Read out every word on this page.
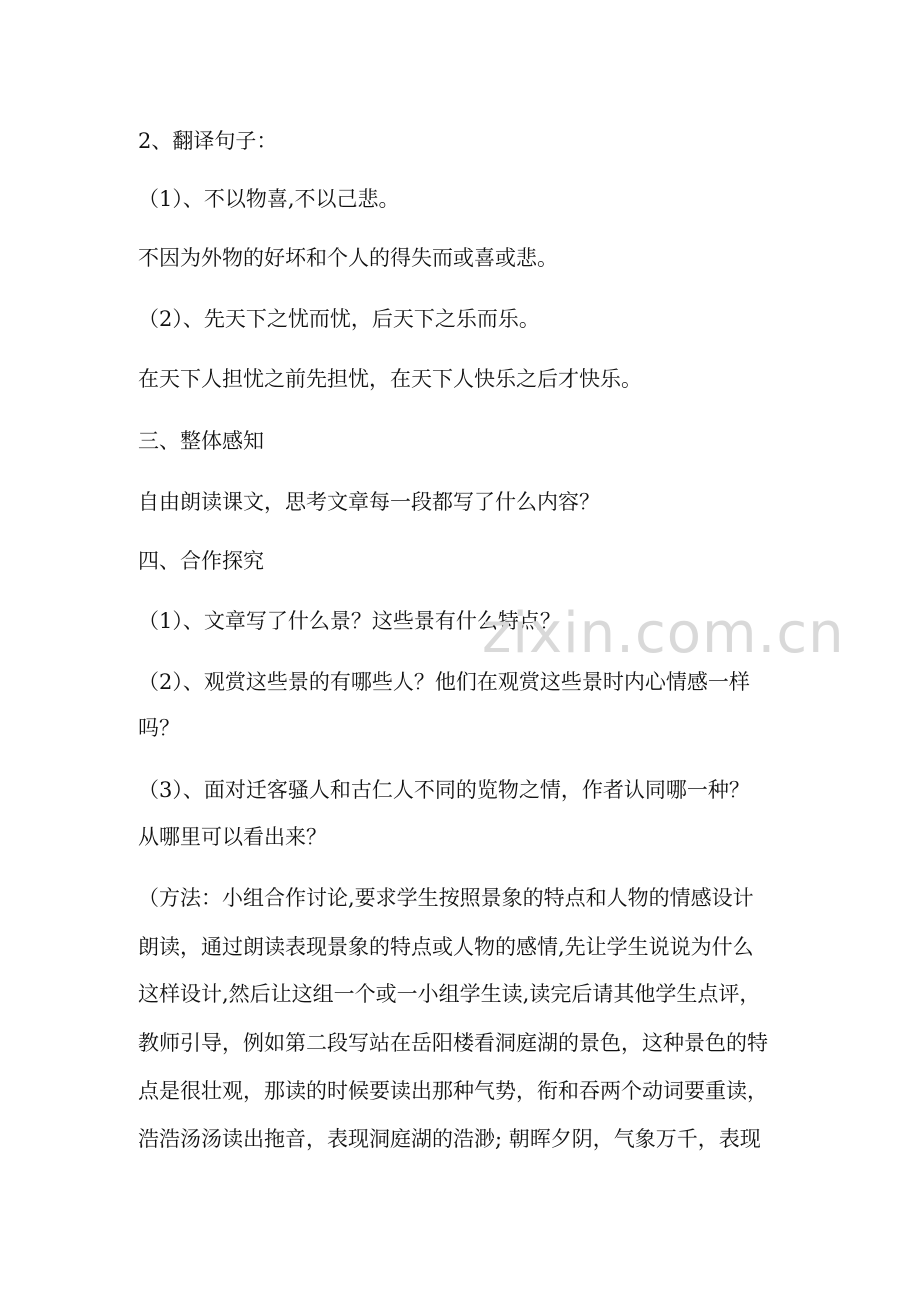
2、翻译句子：
（1）、不以物喜,不以己悲。
不因为外物的好坏和个人的得失而或喜或悲。
（2）、先天下之忧而忧，后天下之乐而乐。
在天下人担忧之前先担忧，在天下人快乐之后才快乐。
三、整体感知
自由朗读课文，思考文章每一段都写了什么内容？
四、合作探究
（1）、文章写了什么景？这些景有什么特点？
（2）、观赏这些景的有哪些人？他们在观赏这些景时内心情感一样
吗？
（3）、面对迁客骚人和古仁人不同的览物之情，作者认同哪一种？
从哪里可以看出来？
（方法：小组合作讨论,要求学生按照景象的特点和人物的情感设计
朗读，通过朗读表现景象的特点或人物的感情,先让学生说说为什么
这样设计,然后让这组一个或一小组学生读,读完后请其他学生点评，
教师引导，例如第二段写站在岳阳楼看洞庭湖的景色，这种景色的特
点是很壮观，那读的时候要读出那种气势，衔和吞两个动词要重读，
浩浩汤汤读出拖音，表现洞庭湖的浩渺; 朝晖夕阴，气象万千，表现
zixin.com.cn
